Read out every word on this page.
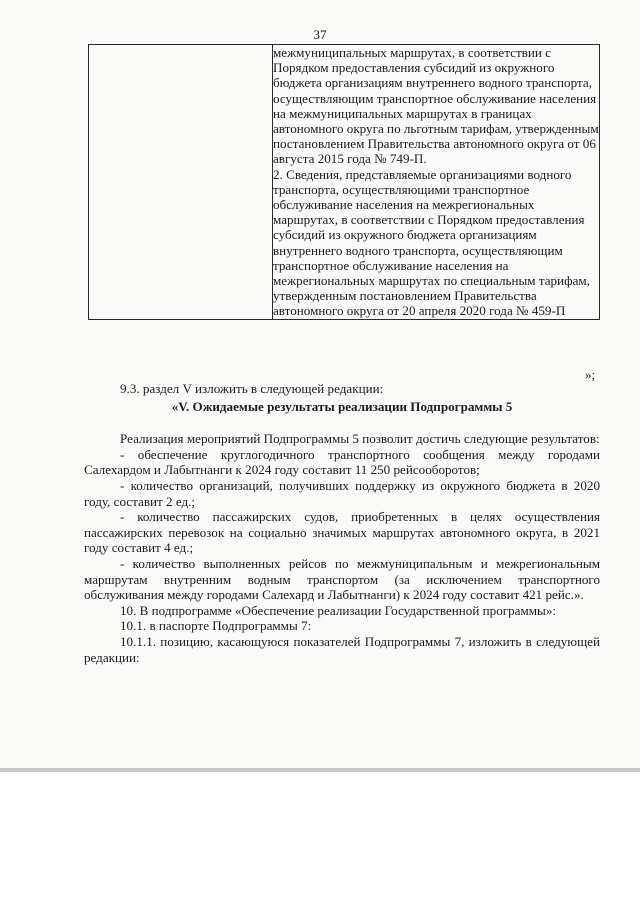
37

межмуниципальных маршрутах, в соответствии с Порядком предоставления субсидий из окружного бюджета организациям внутреннего водного транспорта, осуществляющим транспортное обслуживание населения на межмуниципальных маршрутах в границах автономного округа по льготным тарифам, утвержденным постановлением Правительства автономного округа от 06 августа 2015 года № 749-П.

2. Сведения, представляемые организациями водного транспорта, осуществляющими транспортное обслуживание населения на межрегиональных маршрутах, в соответствии с Порядком предоставления субсидий из окружного бюджета организациям внутреннего водного транспорта, осуществляющим транспортное обслуживание населения на межрегиональных маршрутах по специальным тарифам, утвержденным постановлением Правительства автономного округа от 20 апреля 2020 года № 459-П

»;

9.3. раздел V изложить в следующей редакции:

«V. Ожидаемые результаты реализации Подпрограммы 5

Реализация мероприятий Подпрограммы 5 позволит достичь следующие результатов:

- обеспечение круглогодичного транспортного сообщения между городами Салехардом и Лабытнанги к 2024 году составит 11 250 рейсооборотов;

- количество организаций, получивших поддержку из окружного бюджета в 2020 году, составит 2 ед.;

- количество пассажирских судов, приобретенных в целях осуществления пассажирских перевозок на социально значимых маршрутах автономного округа, в 2021 году составит 4 ед.;

- количество выполненных рейсов по межмуниципальным и межрегиональным маршрутам внутренним водным транспортом (за исключением транспортного обслуживания между городами Салехард и Лабытнанги) к 2024 году составит 421 рейс.».

10. В подпрограмме «Обеспечение реализации Государственной программы»:

10.1. в паспорте Подпрограммы 7:

10.1.1. позицию, касающуюся показателей Подпрограммы 7, изложить в следующей редакции:
